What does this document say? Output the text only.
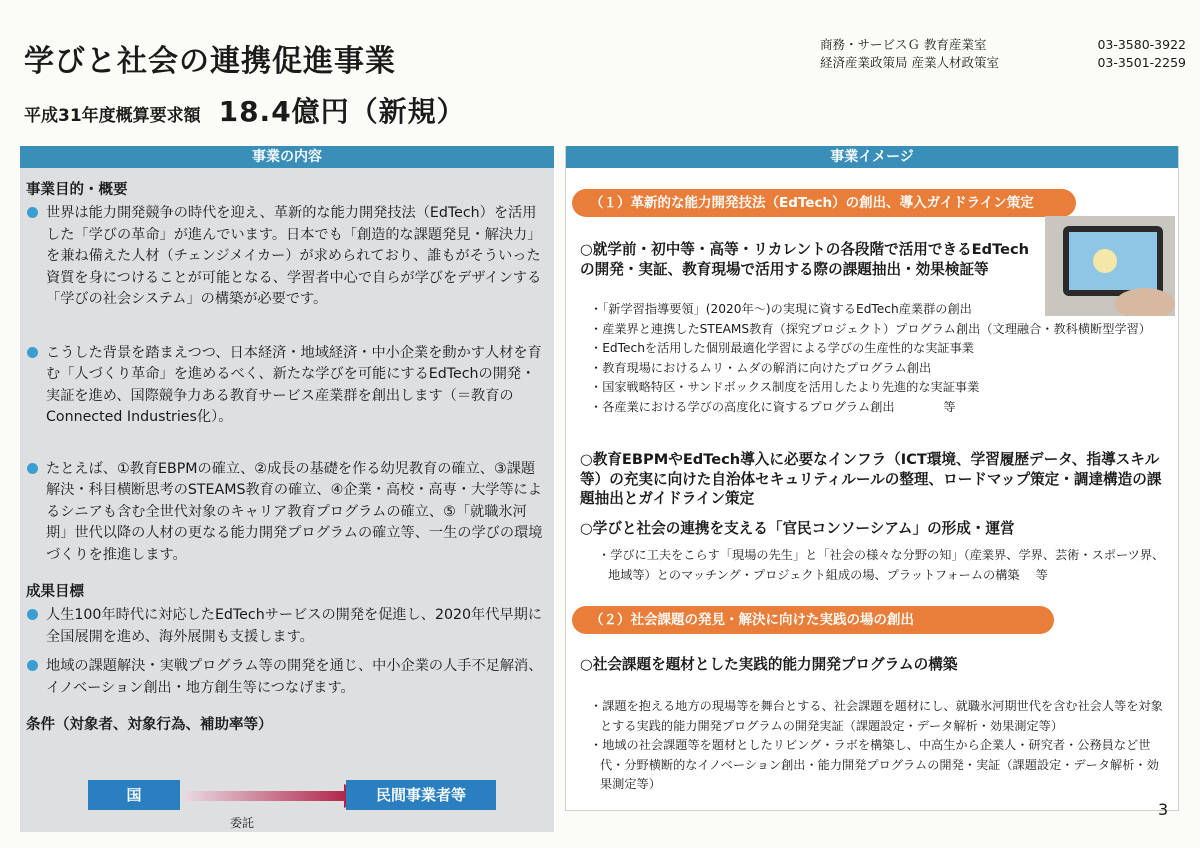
学びと社会の連携促進事業
平成31年度概算要求額 18.4億円（新規）
商務・サービスＧ 教育産業室	03-3580-3922
経済産業政策局 産業人材政策室	03-3501-2259
事業の内容
事業目的・概要
世界は能力開発競争の時代を迎え、革新的な能力開発技法（EdTech）を活用した「学びの革命」が進んでいます。日本でも「創造的な課題発見・解決力」を兼ね備えた人材（チェンジメイカー）が求められており、誰もがそういった資質を身につけることが可能となる、学習者中心で自らが学びをデザインする「学びの社会システム」の構築が必要です。
こうした背景を踏まえつつ、日本経済・地域経済・中小企業を動かす人材を育む「人づくり革命」を進めるべく、新たな学びを可能にするEdTechの開発・実証を進め、国際競争力ある教育サービス産業群を創出します（＝教育のConnected Industries化）。
たとえば、①教育EBPMの確立、②成長の基礎を作る幼児教育の確立、③課題解決・科目横断思考のSTEAMS教育の確立、④企業・高校・高専・大学等によるシニアも含む全世代対象のキャリア教育プログラムの確立、⑤「就職氷河期」世代以降の人材の更なる能力開発プログラムの確立等、一生の学びの環境づくりを推進します。
成果目標
人生100年時代に対応したEdTechサービスの開発を促進し、2020年代早期に全国展開を進め、海外展開も支援します。
地域の課題解決・実戦プログラム等の開発を通じ、中小企業の人手不足解消、イノベーション創出・地方創生等につなげます。
条件（対象者、対象行為、補助率等）
国	民間事業者等
委託
事業イメージ
（１）革新的な能力開発技法（EdTech）の創出、導入ガイドライン策定
○就学前・初中等・高等・リカレントの各段階で活用できるEdTechの開発・実証、教育現場で活用する際の課題抽出・効果検証等
・ 「新学習指導要領」(2020年～)の実現に資するEdTech産業群の創出
・ 産業界と連携したSTEAMS教育（探究プロジェクト）プログラム創出（文理融合・教科横断型学習）
・ EdTechを活用した個別最適化学習による学びの生産性的な実証事業
・ 教育現場におけるムリ・ムダの解消に向けたプログラム創出
・ 国家戦略特区・サンドボックス制度を活用したより先進的な実証事業
・ 各産業における学びの高度化に資するプログラム創出　　　　等
○教育EBPMやEdTech導入に必要なインフラ（ICT環境、学習履歴データ、指導スキル等）の充実に向けた自治体セキュリティルールの整理、ロードマップ策定・調達構造の課題抽出とガイドライン策定
○学びと社会の連携を支える「官民コンソーシアム」の形成・運営
・ 学びに工夫をこらす「現場の先生」と「社会の様々な分野の知」（産業界、学界、芸術・スポーツ界、地域等）とのマッチング・プロジェクト組成の場、プラットフォームの構築　 等
（２）社会課題の発見・解決に向けた実践の場の創出
○社会課題を題材とした実践的能力開発プログラムの構築
・ 課題を抱える地方の現場等を舞台とする、社会課題を題材にし、就職氷河期世代を含む社会人等を対象とする実践的能力開発プログラムの開発実証（課題設定・データ解析・効果測定等）
・ 地域の社会課題等を題材としたリビング・ラボを構築し、中高生から企業人・研究者・公務員など世代・分野横断的なイノベーション創出・能力開発プログラムの開発・実証（課題設定・データ解析・効果測定等）
3
